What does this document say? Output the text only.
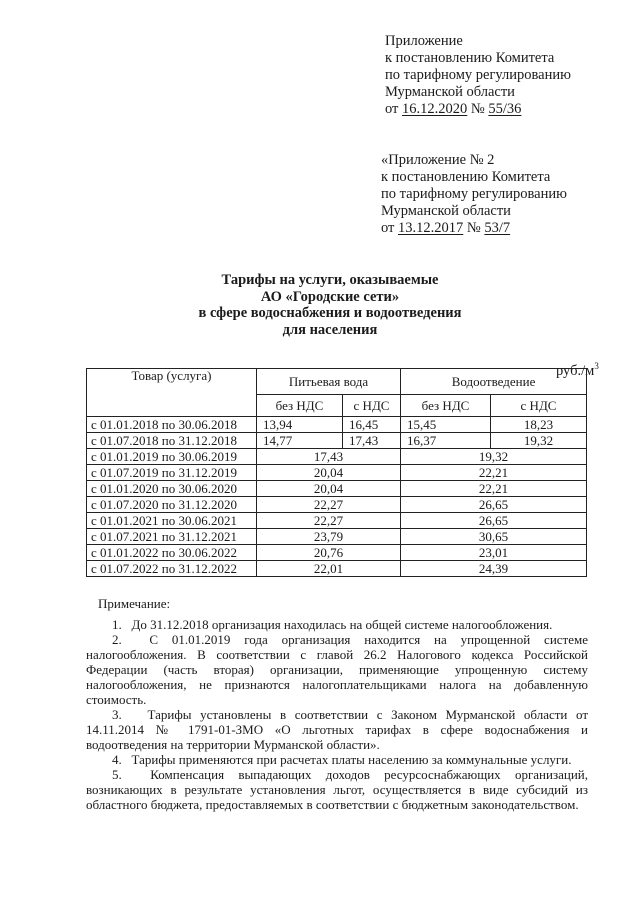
Приложение
к постановлению Комитета
по тарифному регулированию
Мурманской области
от 16.12.2020 № 55/36
«Приложение № 2
к постановлению Комитета
по тарифному регулированию
Мурманской области
от 13.12.2017 № 53/7
Тарифы на услуги, оказываемые
АО «Городские сети»
в сфере водоснабжения и водоотведения
для населения
$руб./м^3$
Товар (услуга)	Питьевая вода		Водоотведение	
	без НДС	с НДС	без НДС	с НДС
с 01.01.2018 по 30.06.2018	13,94	16,45	15,45	18,23
с 01.07.2018 по 31.12.2018	14,77	17,43	16,37	19,32
с 01.01.2019 по 30.06.2019	17,43		19,32	
с 01.07.2019 по 31.12.2019	20,04		22,21	
с 01.01.2020 по 30.06.2020	20,04		22,21	
с 01.07.2020 по 31.12.2020	22,27		26,65	
с 01.01.2021 по 30.06.2021	22,27		26,65	
с 01.07.2021 по 31.12.2021	23,79		30,65	
с 01.01.2022 по 30.06.2022	20,76		23,01	
с 01.07.2022 по 31.12.2022	22,01		24,39	
Примечание:

1.   До 31.12.2018 организация находилась на общей системе налогообложения.

2.  С 01.01.2019 года организация находится на упрощенной системе налогообложения. В соответствии с главой 26.2 Налогового кодекса Российской Федерации (часть вторая) организации, применяющие упрощенную систему налогообложения, не признаются налогоплательщиками налога на добавленную стоимость.

3.   Тарифы установлены в соответствии с Законом Мурманской области от 14.11.2014 № 1791-01-ЗМО «О льготных тарифах в сфере водоснабжения и водоотведения на территории Мурманской области».

4.   Тарифы применяются при расчетах платы населению за коммунальные услуги.

5.  Компенсация выпадающих доходов ресурсоснабжающих организаций, возникающих в результате установления льгот, осуществляется в виде субсидий из областного бюджета, предоставляемых в соответствии с бюджетным законодательством.
